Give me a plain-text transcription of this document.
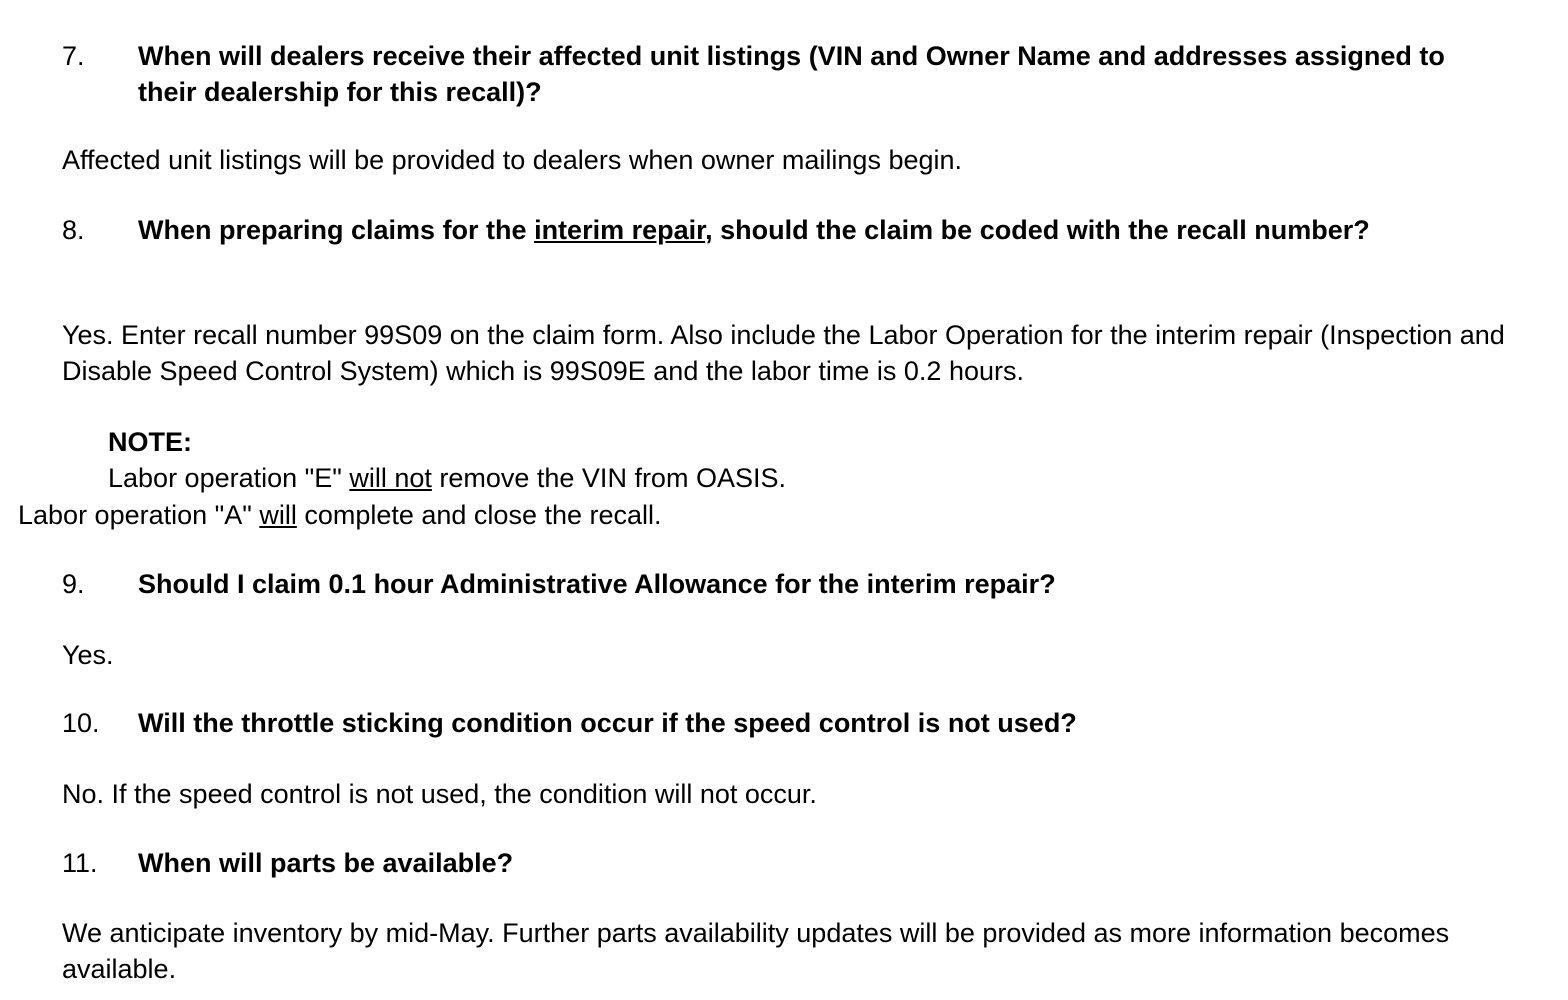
7. When will dealers receive their affected unit listings (VIN and Owner Name and addresses assigned to their dealership for this recall)?
Affected unit listings will be provided to dealers when owner mailings begin.
8. When preparing claims for the interim repair, should the claim be coded with the recall number?
Yes. Enter recall number 99S09 on the claim form. Also include the Labor Operation for the interim repair (Inspection and Disable Speed Control System) which is 99S09E and the labor time is 0.2 hours.
NOTE:
Labor operation "E" will not remove the VIN from OASIS.
Labor operation "A" will complete and close the recall.
9. Should I claim 0.1 hour Administrative Allowance for the interim repair?
Yes.
10. Will the throttle sticking condition occur if the speed control is not used?
No. If the speed control is not used, the condition will not occur.
11. When will parts be available?
We anticipate inventory by mid-May. Further parts availability updates will be provided as more information becomes available.
